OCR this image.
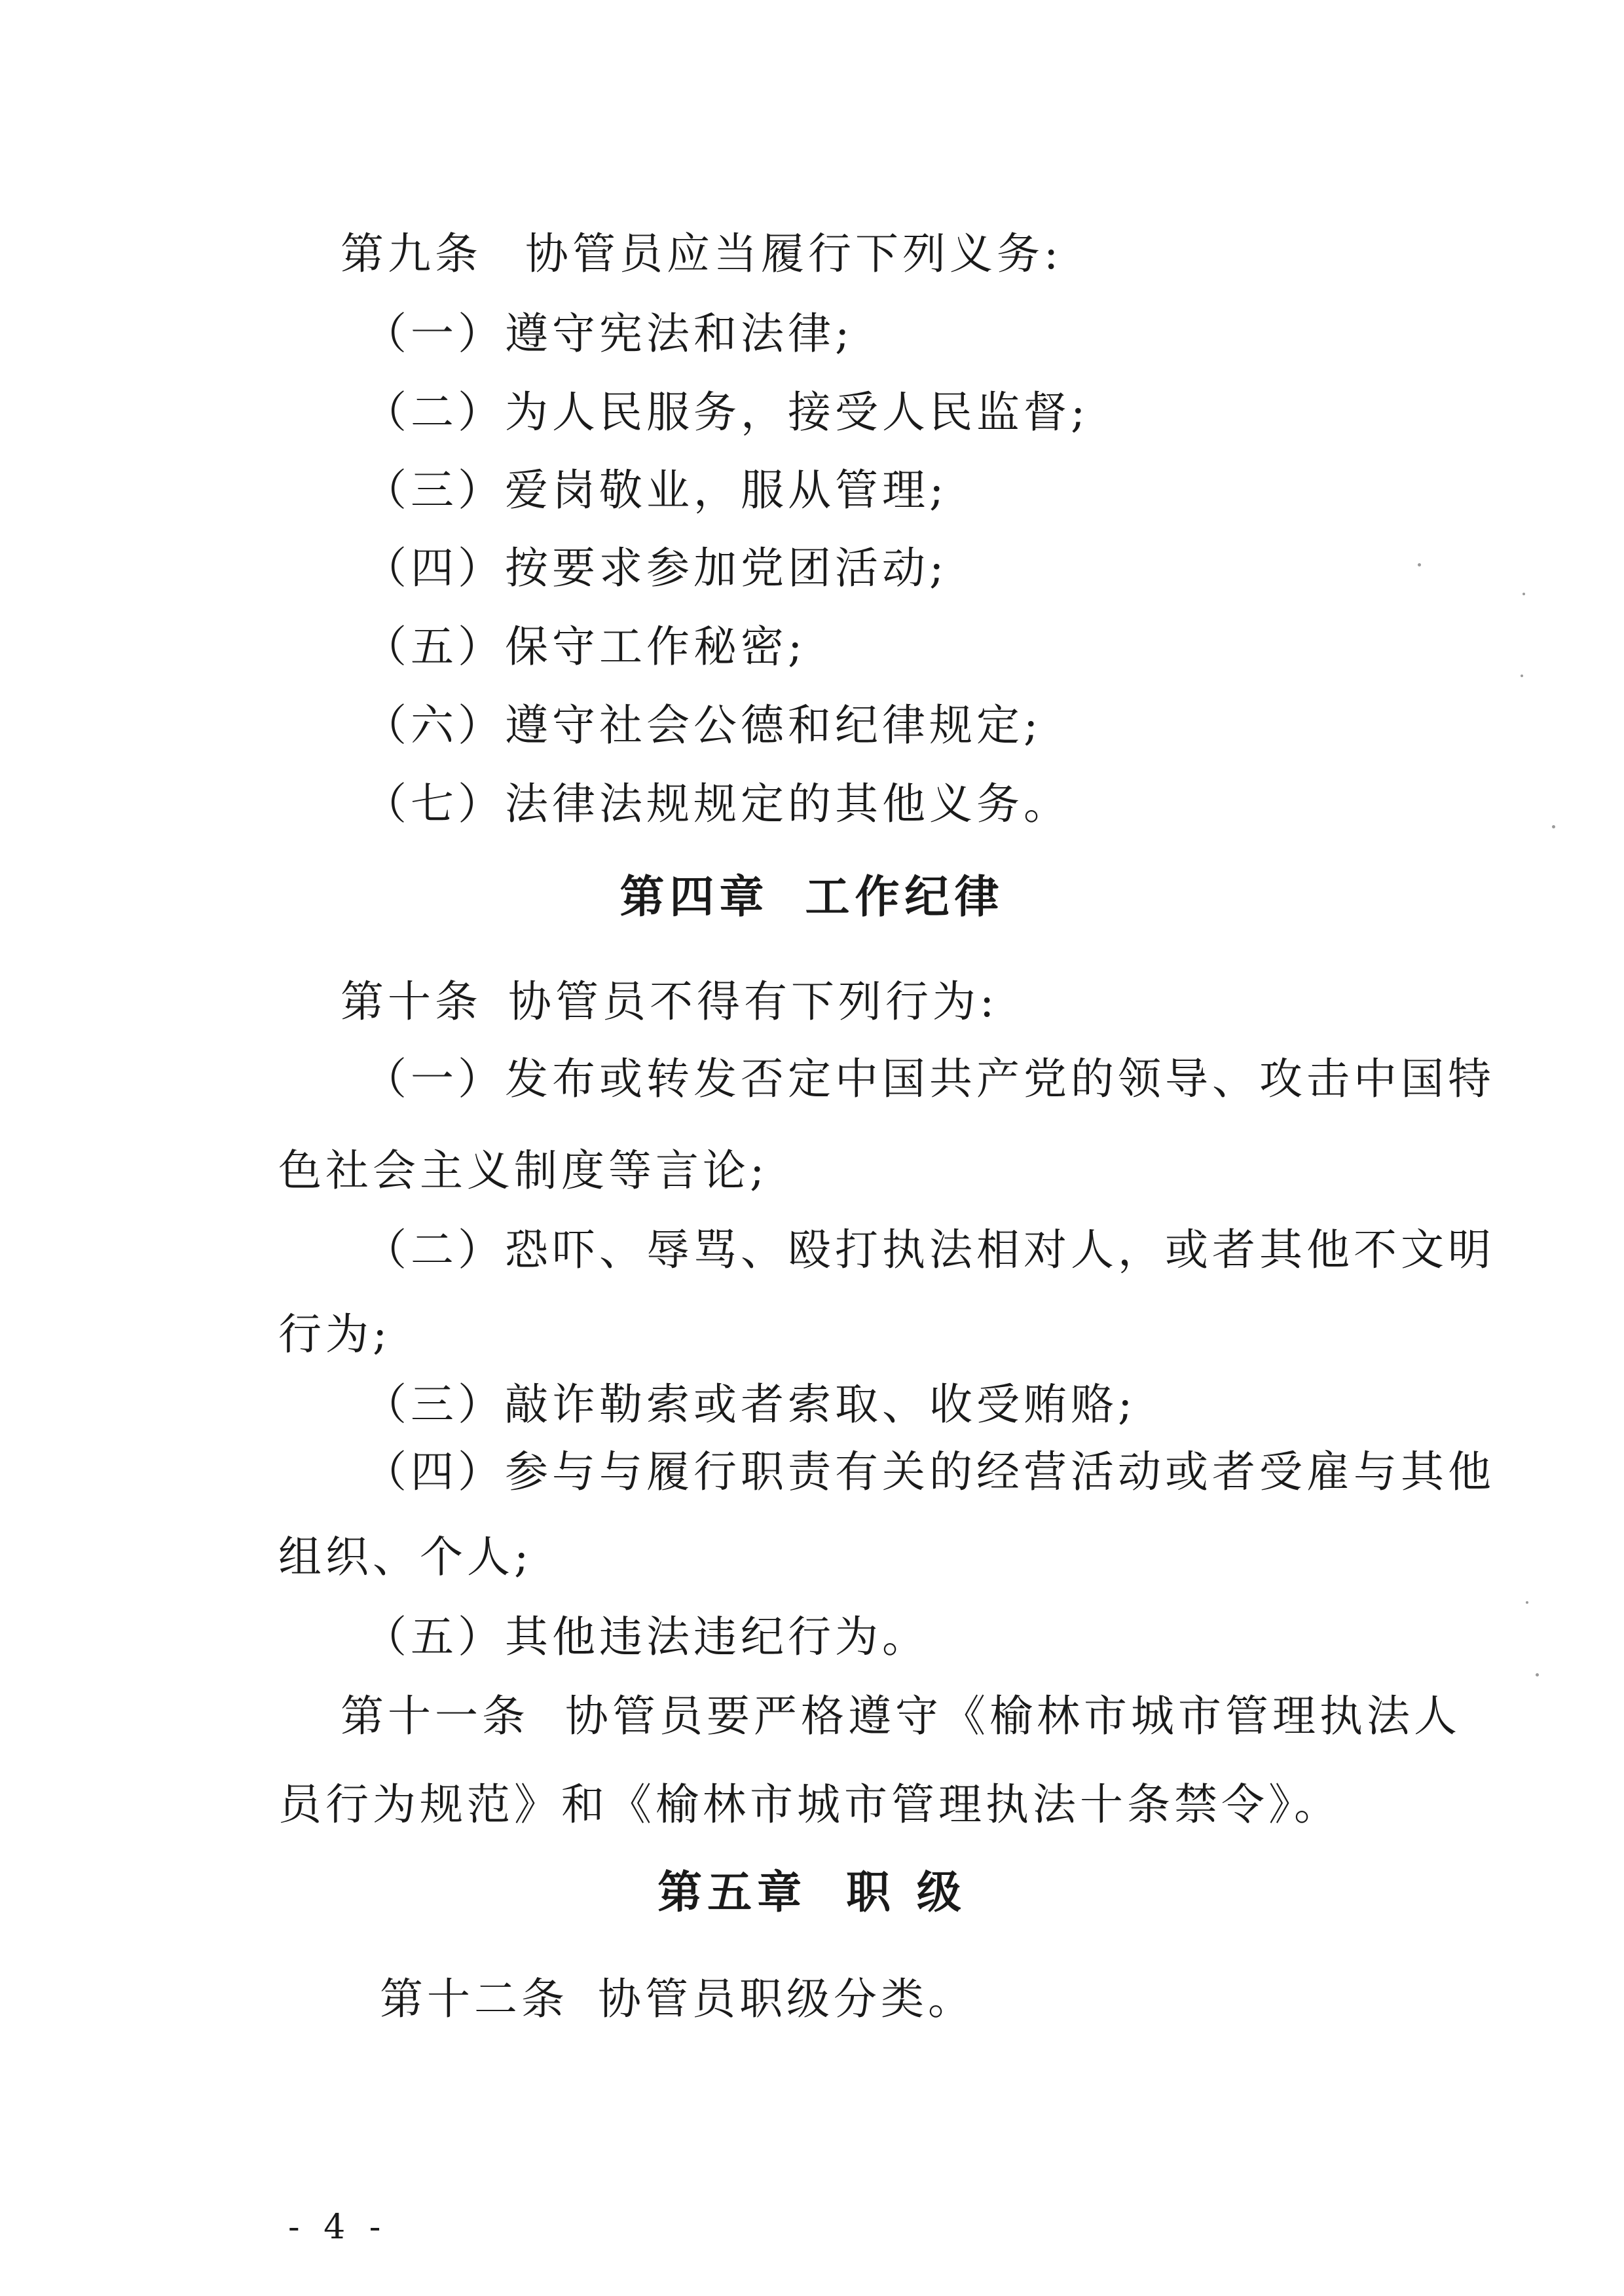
第九条 协管员应当履行下列义务:
（一）遵守宪法和法律;
（二）为人民服务，接受人民监督;
（三）爱岗敬业，服从管理;
（四）按要求参加党团活动;
（五）保守工作秘密;
（六）遵守社会公德和纪律规定;
（七）法律法规规定的其他义务。
第四章 工作纪律
第十条 协管员不得有下列行为:
（一）发布或转发否定中国共产党的领导、攻击中国特
色社会主义制度等言论;
（二）恐吓、辱骂、殴打执法相对人，或者其他不文明
行为;
（三）敲诈勒索或者索取、收受贿赂;
（四）参与与履行职责有关的经营活动或者受雇与其他
组织、个人;
（五）其他违法违纪行为。
第十一条 协管员要严格遵守《榆林市城市管理执法人
员行为规范》和《榆林市城市管理执法十条禁令》。
第五章 职 级
第十二条 协管员职级分类。
- 4 -
